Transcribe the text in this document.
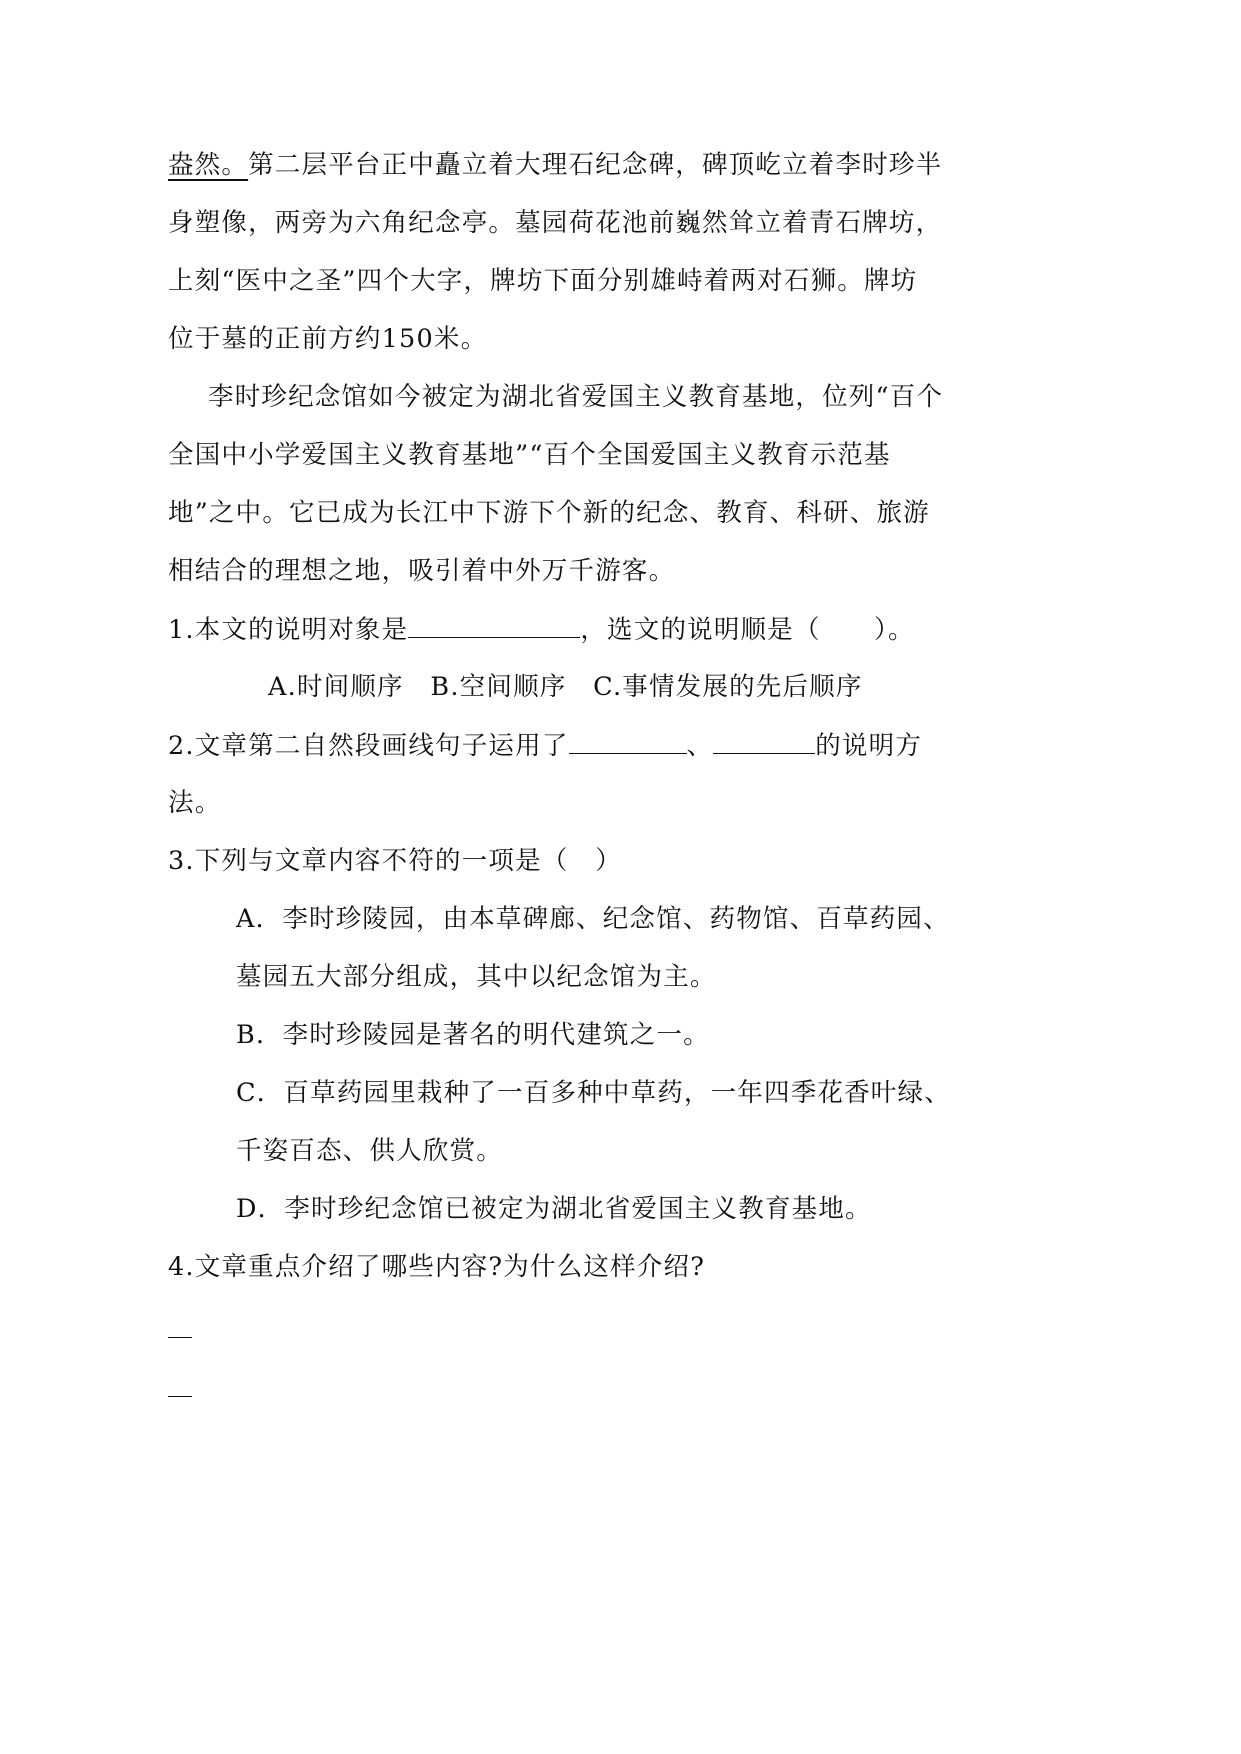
盎然。第二层平台正中矗立着大理石纪念碑，碑顶屹立着李时珍半
身塑像，两旁为六角纪念亭。墓园荷花池前巍然耸立着青石牌坊，
上刻“医中之圣”四个大字，牌坊下面分别雄峙着两对石狮。牌坊
位于墓的正前方约150米。
李时珍纪念馆如今被定为湖北省爱国主义教育基地，位列“百个
全国中小学爱国主义教育基地”“百个全国爱国主义教育示范基
地”之中。它已成为长江中下游下个新的纪念、教育、科研、旅游
相结合的理想之地，吸引着中外万千游客。
1.本文的说明对象是	，选文的说明顺是（　　）。
A.时间顺序　B.空间顺序　C.事情发展的先后顺序
2.文章第二自然段画线句子运用了	、	的说明方
法。
3.下列与文章内容不符的一项是（　）
A．李时珍陵园，由本草碑廊、纪念馆、药物馆、百草药园、
墓园五大部分组成，其中以纪念馆为主。
B．李时珍陵园是著名的明代建筑之一。
C．百草药园里栽种了一百多种中草药，一年四季花香叶绿、
千姿百态、供人欣赏。
D．李时珍纪念馆已被定为湖北省爱国主义教育基地。
4.文章重点介绍了哪些内容?为什么这样介绍?
